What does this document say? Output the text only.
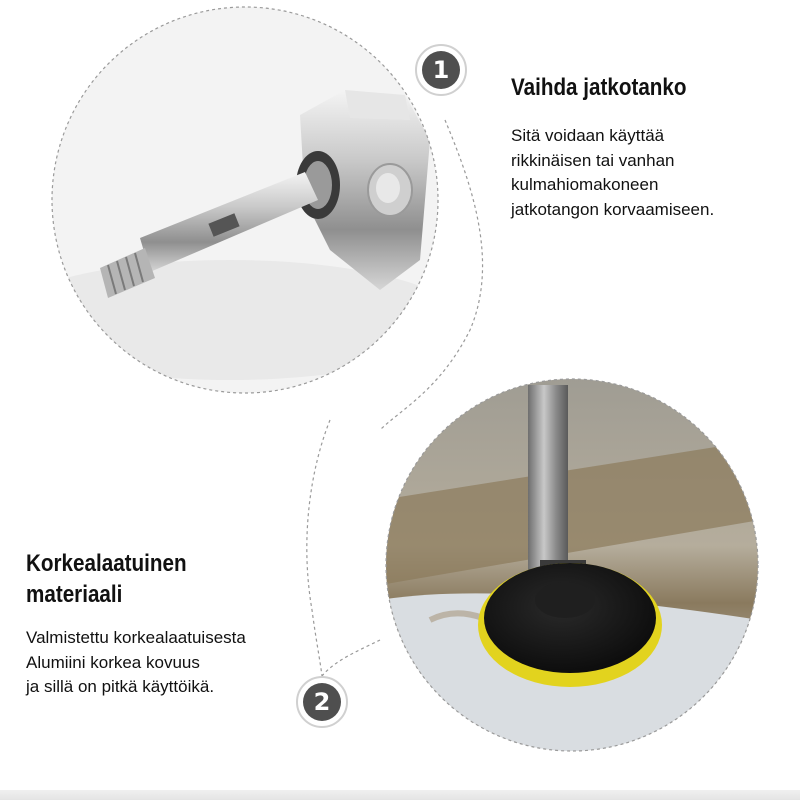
1
2
Vaihda jatkotanko
Sitä voidaan käyttää
rikkinäisen tai vanhan
kulmahiomakoneen
jatkotangon korvaamiseen.
Korkealaatuinen
materiaali
Valmistettu korkealaatuisesta
Alumiini korkea kovuus
ja sillä on pitkä käyttöikä.
